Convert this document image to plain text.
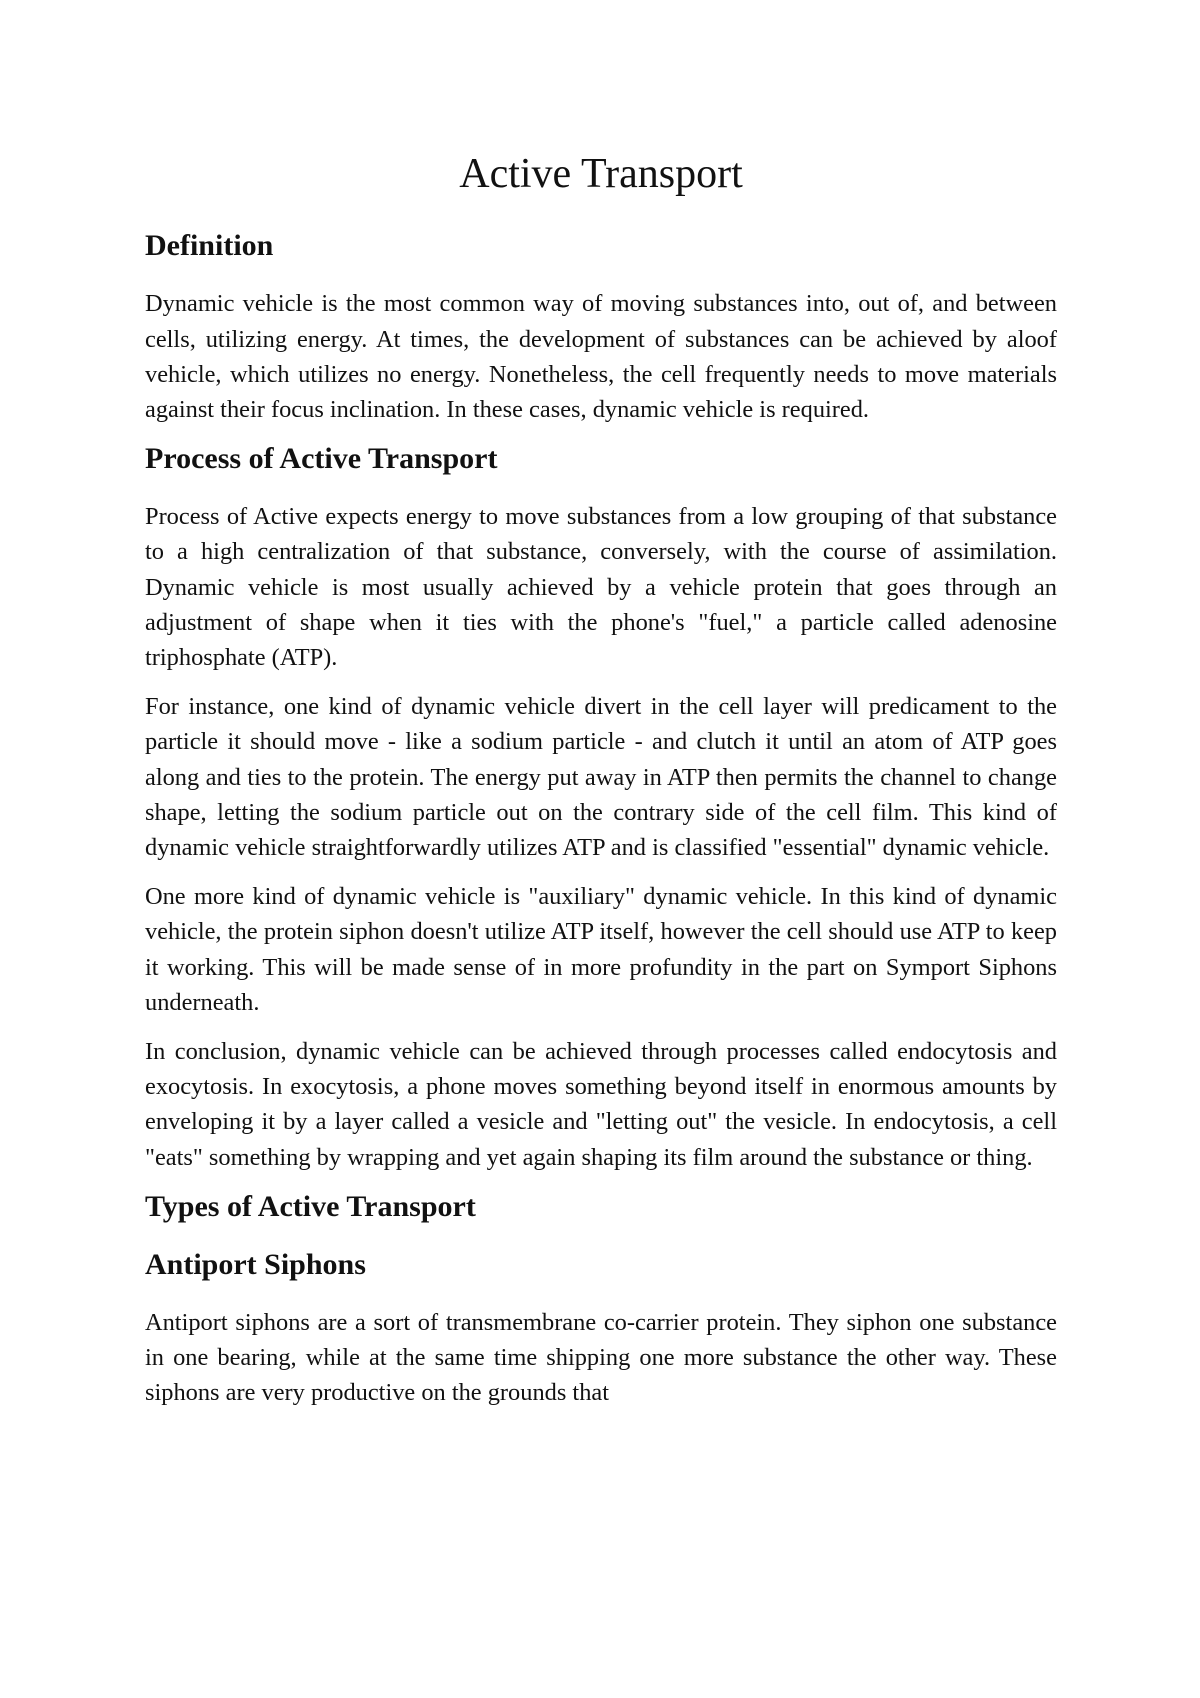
Active Transport
Definition

Dynamic vehicle is the most common way of moving substances into, out of, and between cells, utilizing energy. At times, the development of substances can be achieved by aloof vehicle, which utilizes no energy. Nonetheless, the cell frequently needs to move materials against their focus inclination. In these cases, dynamic vehicle is required.

Process of Active Transport

Process of Active expects energy to move substances from a low grouping of that substance to a high centralization of that substance, conversely, with the course of assimilation. Dynamic vehicle is most usually achieved by a vehicle protein that goes through an adjustment of shape when it ties with the phone's "fuel," a particle called adenosine triphosphate (ATP).

For instance, one kind of dynamic vehicle divert in the cell layer will predicament to the particle it should move - like a sodium particle - and clutch it until an atom of ATP goes along and ties to the protein. The energy put away in ATP then permits the channel to change shape, letting the sodium particle out on the contrary side of the cell film. This kind of dynamic vehicle straightforwardly utilizes ATP and is classified "essential" dynamic vehicle.

One more kind of dynamic vehicle is "auxiliary" dynamic vehicle. In this kind of dynamic vehicle, the protein siphon doesn't utilize ATP itself, however the cell should use ATP to keep it working. This will be made sense of in more profundity in the part on Symport Siphons underneath.

In conclusion, dynamic vehicle can be achieved through processes called endocytosis and exocytosis. In exocytosis, a phone moves something beyond itself in enormous amounts by enveloping it by a layer called a vesicle and "letting out" the vesicle. In endocytosis, a cell "eats" something by wrapping and yet again shaping its film around the substance or thing.

Types of Active Transport
Antiport Siphons

Antiport siphons are a sort of transmembrane co-carrier protein. They siphon one substance in one bearing, while at the same time shipping one more substance the other way. These siphons are very productive on the grounds that
